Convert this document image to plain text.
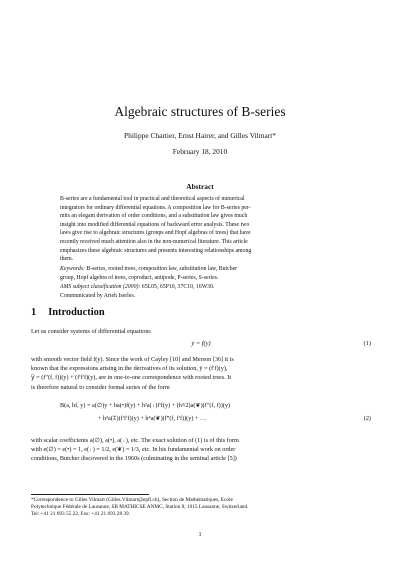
Algebraic structures of B-series
Philippe Chartier, Ernst Hairer, and Gilles Vilmart*
February 18, 2010
Abstract
B-series are a fundamental tool in practical and theoretical aspects of numerical
integrators for ordinary differential equations. A composition law for B-series per-
mits an elegant derivation of order conditions, and a substitution law gives much
insight into modified differential equations of backward error analysis. These two
laws give rise to algebraic structures (groups and Hopf algebras of trees) that have
recently received much attention also in the non-numerical literature. This article
emphasizes these algebraic structures and presents interesting relationships among
them.
Keywords: B-series, rooted trees, composition law, substitution law, Butcher
group, Hopf algebra of trees, coproduct, antipode, P-series, S-series.
AMS subject classification (2000): 65L05, 65P10, 37C10, 16W30.
Communicated by Arieh Iserles.
1 Introduction
Let us consider systems of differential equations
ẏ = f(y)	(1)
with smooth vector field f(y). Since the work of Cayley [10] and Merson [36] it is
known that the expressions arising in the derivatives of its solution, ÿ = (f′f)(y),
y⃛ = (f″(f, f))(y) + (f′f′f)(y), are in one-to-one correspondence with rooted trees. It
is therefore natural to consider formal series of the form
B(a, hf, y) = a(∅)y + ha(•)f(y) + h²a(ᛧ)f′f(y) + (h³/2)a(❦)(f″(f, f))(y)
+ h³a(ᛯ)(f′f′f)(y) + h⁴a(❦)(f‴(f, f′f))(y) + …	(2)
with scalar coefficients a(∅), a(•), a(ᛧ), etc. The exact solution of (1) is of this form
with e(∅) = e(•) = 1, e(ᛧ) = 1/2, e(❦) = 1/3, etc. In his fundamental work on order
conditions, Butcher discovered in the 1960s (culminating in the seminal article [5])
*Correspondence to Gilles Vilmart (Gilles.Vilmart@epfl.ch), Section de Mathématiques, Ecole
Polytechnique Fédérale de Lausanne, SB MATHICSE ANMC, Station 8, 1015 Lausanne, Switzerland.
Tel: +41 21 693 55 22, Fax: +41 21 693 28 39.
1
